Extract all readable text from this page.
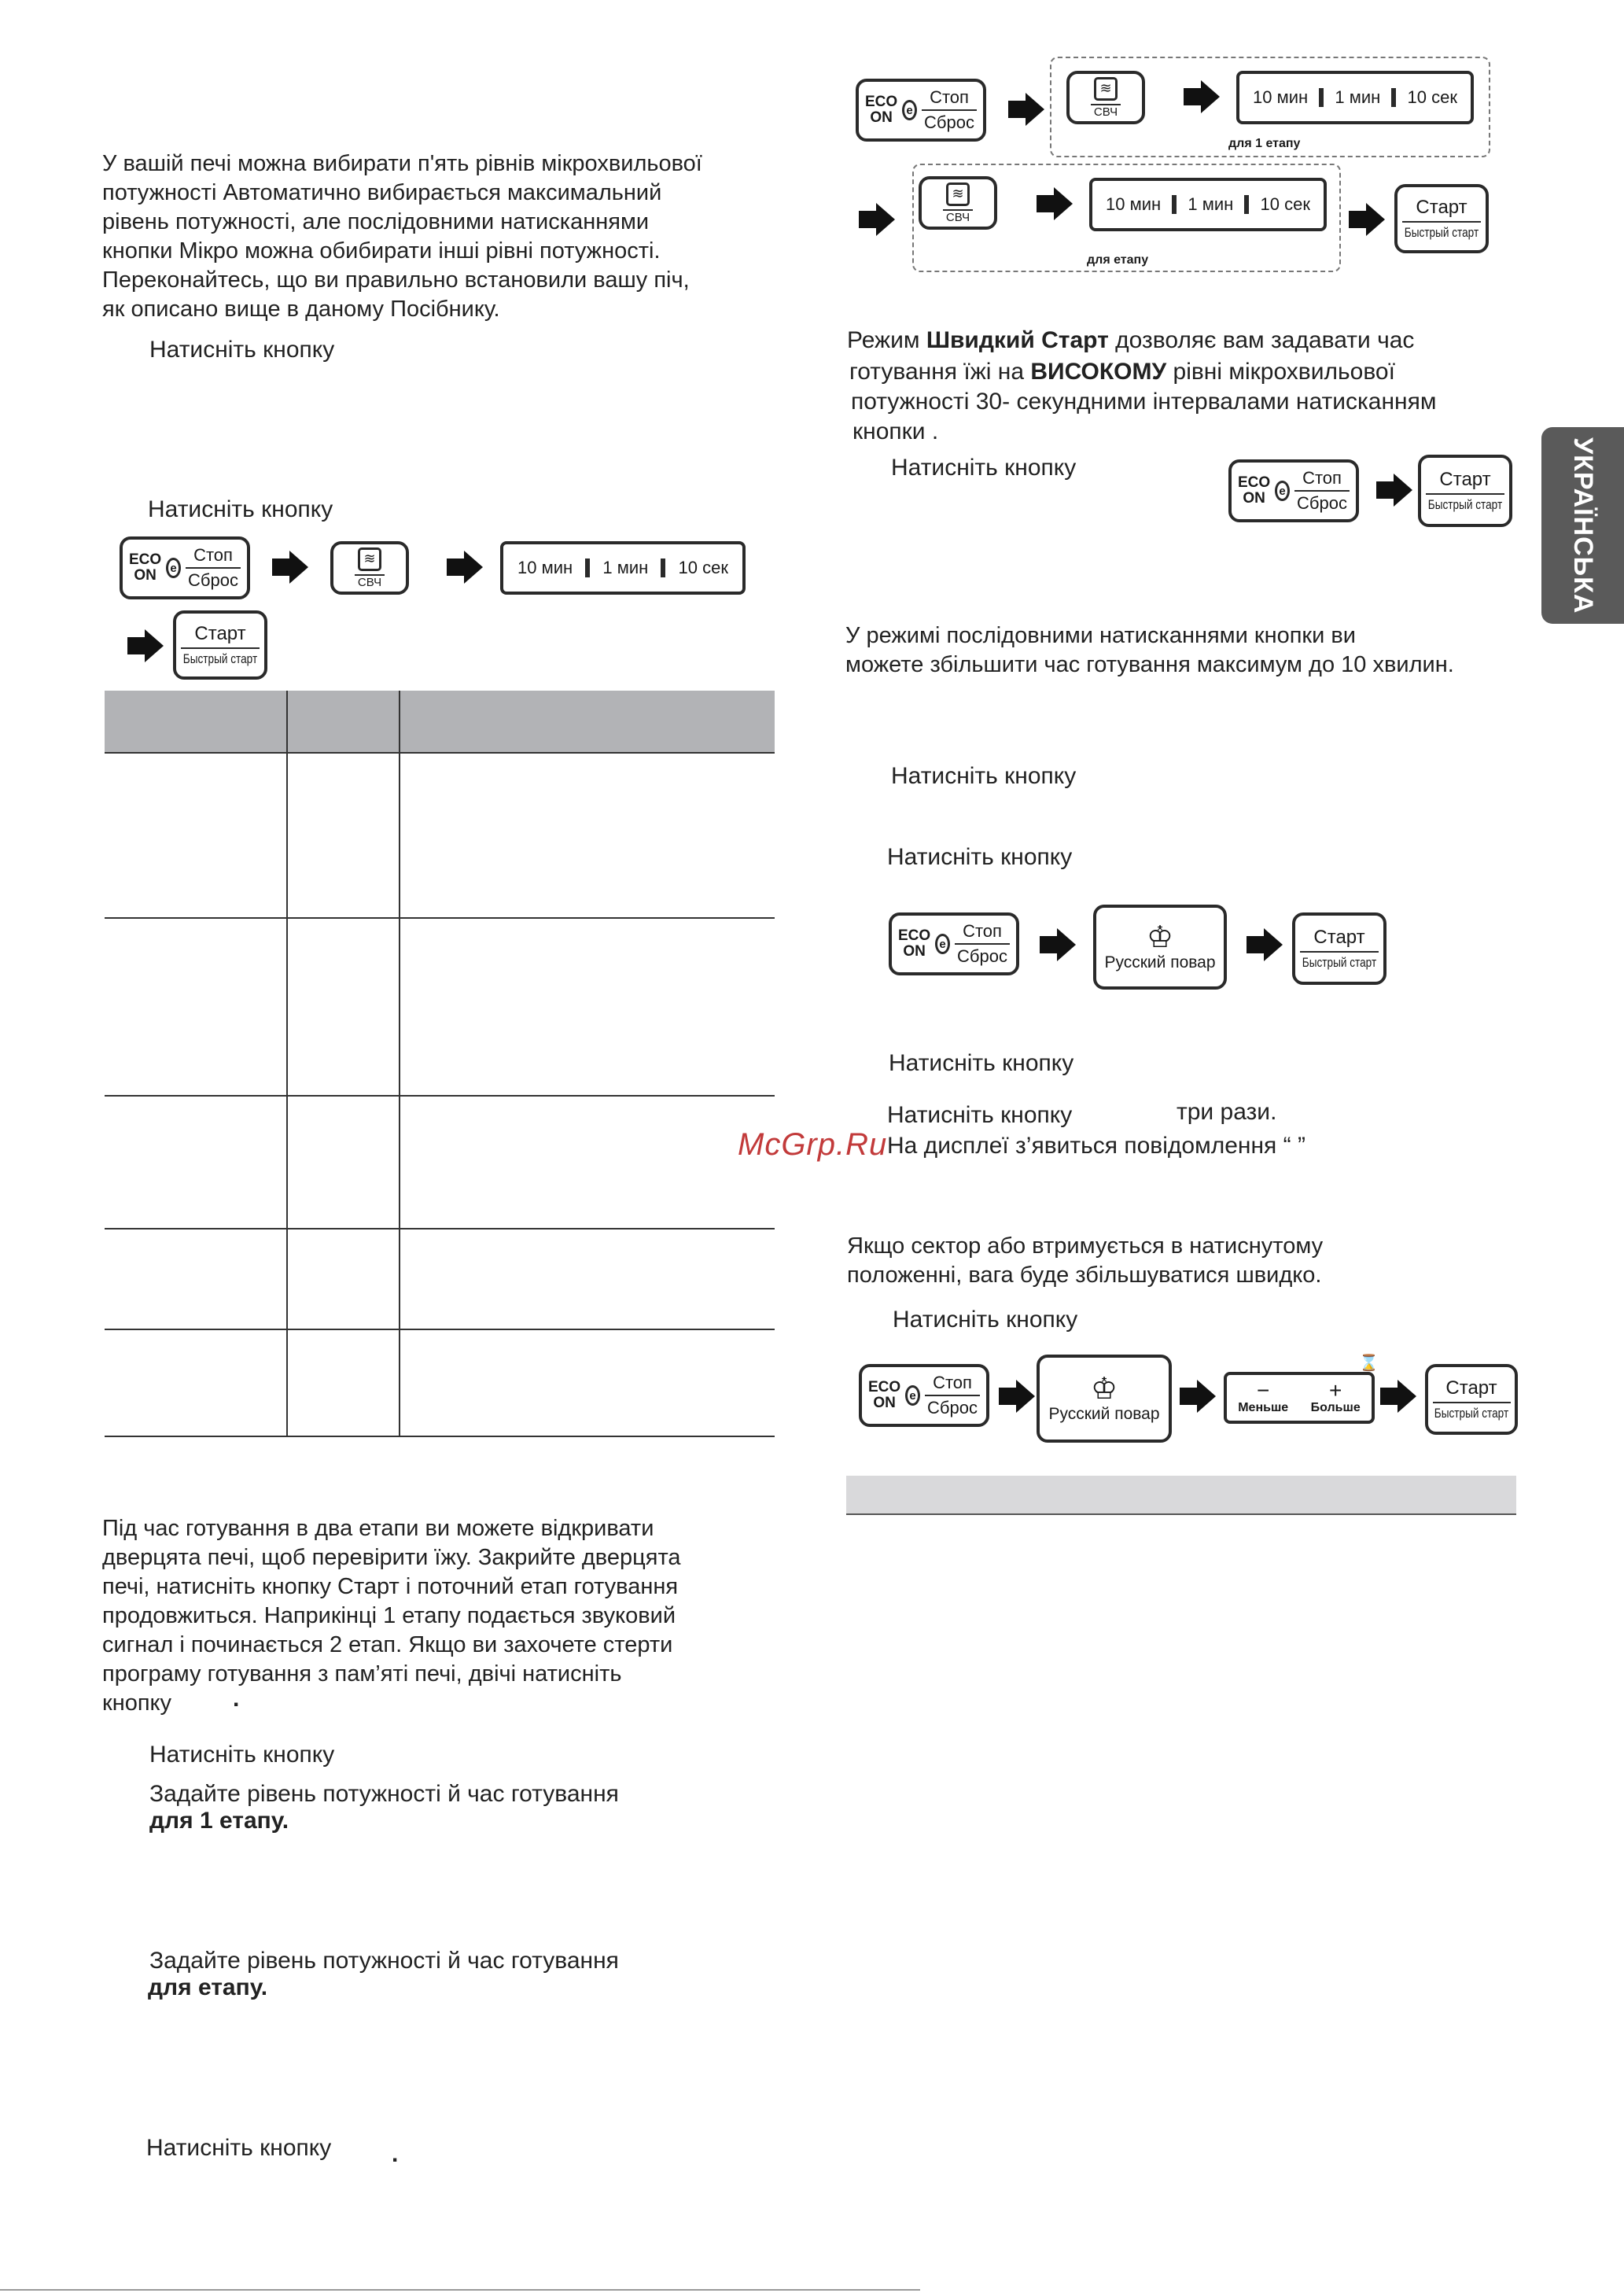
У вашій печі можна вибирати п'ять рівнів мікрохвильової
потужності Автоматично вибирається максимальний
рівень потужності, але послідовними натисканнями
кнопки Мікро можна обибирати інші рівні потужності.
Переконайтесь, що ви правильно встановили вашу піч,
як описано вище в даному Посібнику.
Натисніть кнопку
Натисніть кнопку
ECO
ON	e
Стоп
Сброс
≋
СВЧ
10 мин 1 мин 10 сек
Старт
Быстрый старт
Під час готування в два етапи ви можете відкривати
дверцята печі, щоб перевірити їжу. Закрийте дверцята
печі, натисніть кнопку Старт і поточний етап готування
продовжиться. Наприкінці 1 етапу подається звуковий
сигнал і починається 2 етап. Якщо ви захочете стерти
програму готування з пам’яті печі, двічі натисніть
кнопку	.
Натисніть кнопку
Задайте рівень потужності й час готування
для 1 етапу.
Задайте рівень потужності й час готування
для етапу.
Натисніть кнопку	.
ECO
ON	e
Стоп
Сброс
≋
СВЧ
10 мин 1 мин 10 сек
для 1 етапу
≋
СВЧ
10 мин 1 мин 10 сек
для етапу
Старт
Быстрый старт
Режим Швидкий Старт дозволяє вам задавати час
готування їжі на ВИСОКОМУ рівні мікрохвильової
потужності 30- секундними інтервалами натисканням
кнопки .
Натисніть кнопку
ECO
ON	e
Стоп
Сброс
Старт
Быстрый старт
У режимі послідовними натисканнями кнопки ви
можете збільшити час готування максимум до 10 хвилин.
Натисніть кнопку
Натисніть кнопку
ECO
ON	e
Стоп
Сброс
♔
Русский повар
Старт
Быстрый старт
Натисніть кнопку
Натисніть кнопку	три рази.
На дисплеї з’явиться повідомлення “ ”
Якщо сектор або втримується в натиснутому
положенні, вага буде збільшуватися швидко.
Натисніть кнопку
ECO
ON	e
Стоп
Сброс
♔
Русский повар
⌛
−
Меньше
+
Больше
Старт
Быстрый старт
УКРАЇНСЬКА
McGrp.Ru
